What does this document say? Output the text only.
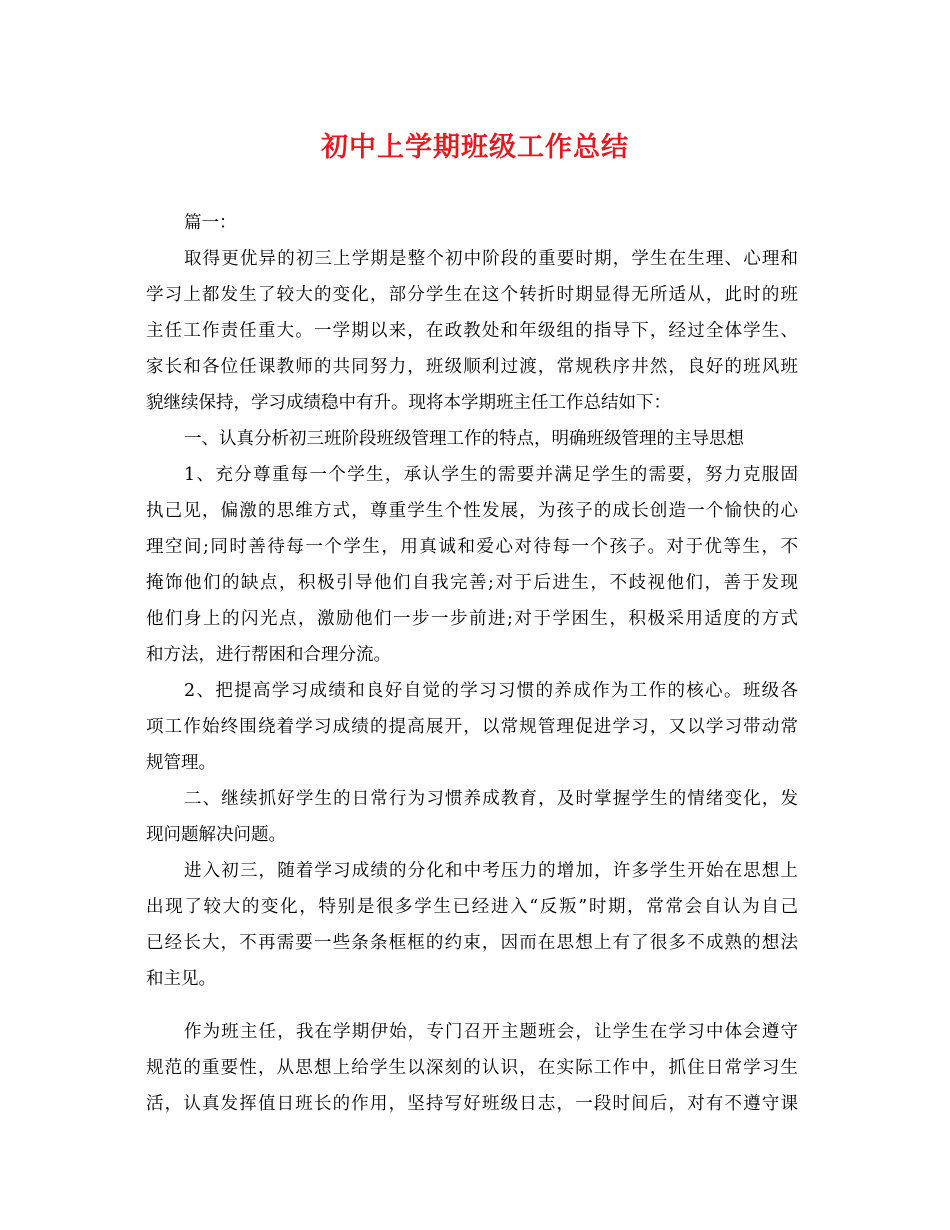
初中上学期班级工作总结
篇一：
取得更优异的初三上学期是整个初中阶段的重要时期，学生在生理、心理和
学习上都发生了较大的变化，部分学生在这个转折时期显得无所适从，此时的班
主任工作责任重大。一学期以来，在政教处和年级组的指导下，经过全体学生、
家长和各位任课教师的共同努力，班级顺利过渡，常规秩序井然，良好的班风班
貌继续保持，学习成绩稳中有升。现将本学期班主任工作总结如下：
一、认真分析初三班阶段班级管理工作的特点，明确班级管理的主导思想
1、充分尊重每一个学生，承认学生的需要并满足学生的需要，努力克服固
执己见，偏激的思维方式，尊重学生个性发展，为孩子的成长创造一个愉快的心
理空间;同时善待每一个学生，用真诚和爱心对待每一个孩子。对于优等生，不
掩饰他们的缺点，积极引导他们自我完善;对于后进生，不歧视他们，善于发现
他们身上的闪光点，激励他们一步一步前进;对于学困生，积极采用适度的方式
和方法，进行帮困和合理分流。
2、把提高学习成绩和良好自觉的学习习惯的养成作为工作的核心。班级各
项工作始终围绕着学习成绩的提高展开，以常规管理促进学习，又以学习带动常
规管理。
二、继续抓好学生的日常行为习惯养成教育，及时掌握学生的情绪变化，发
现问题解决问题。
进入初三，随着学习成绩的分化和中考压力的增加，许多学生开始在思想上
出现了较大的变化，特别是很多学生已经进入“反叛”时期，常常会自认为自己
已经长大，不再需要一些条条框框的约束，因而在思想上有了很多不成熟的想法
和主见。
作为班主任，我在学期伊始，专门召开主题班会，让学生在学习中体会遵守
规范的重要性，从思想上给学生以深刻的认识，在实际工作中，抓住日常学习生
活，认真发挥值日班长的作用，坚持写好班级日志，一段时间后，对有不遵守课
